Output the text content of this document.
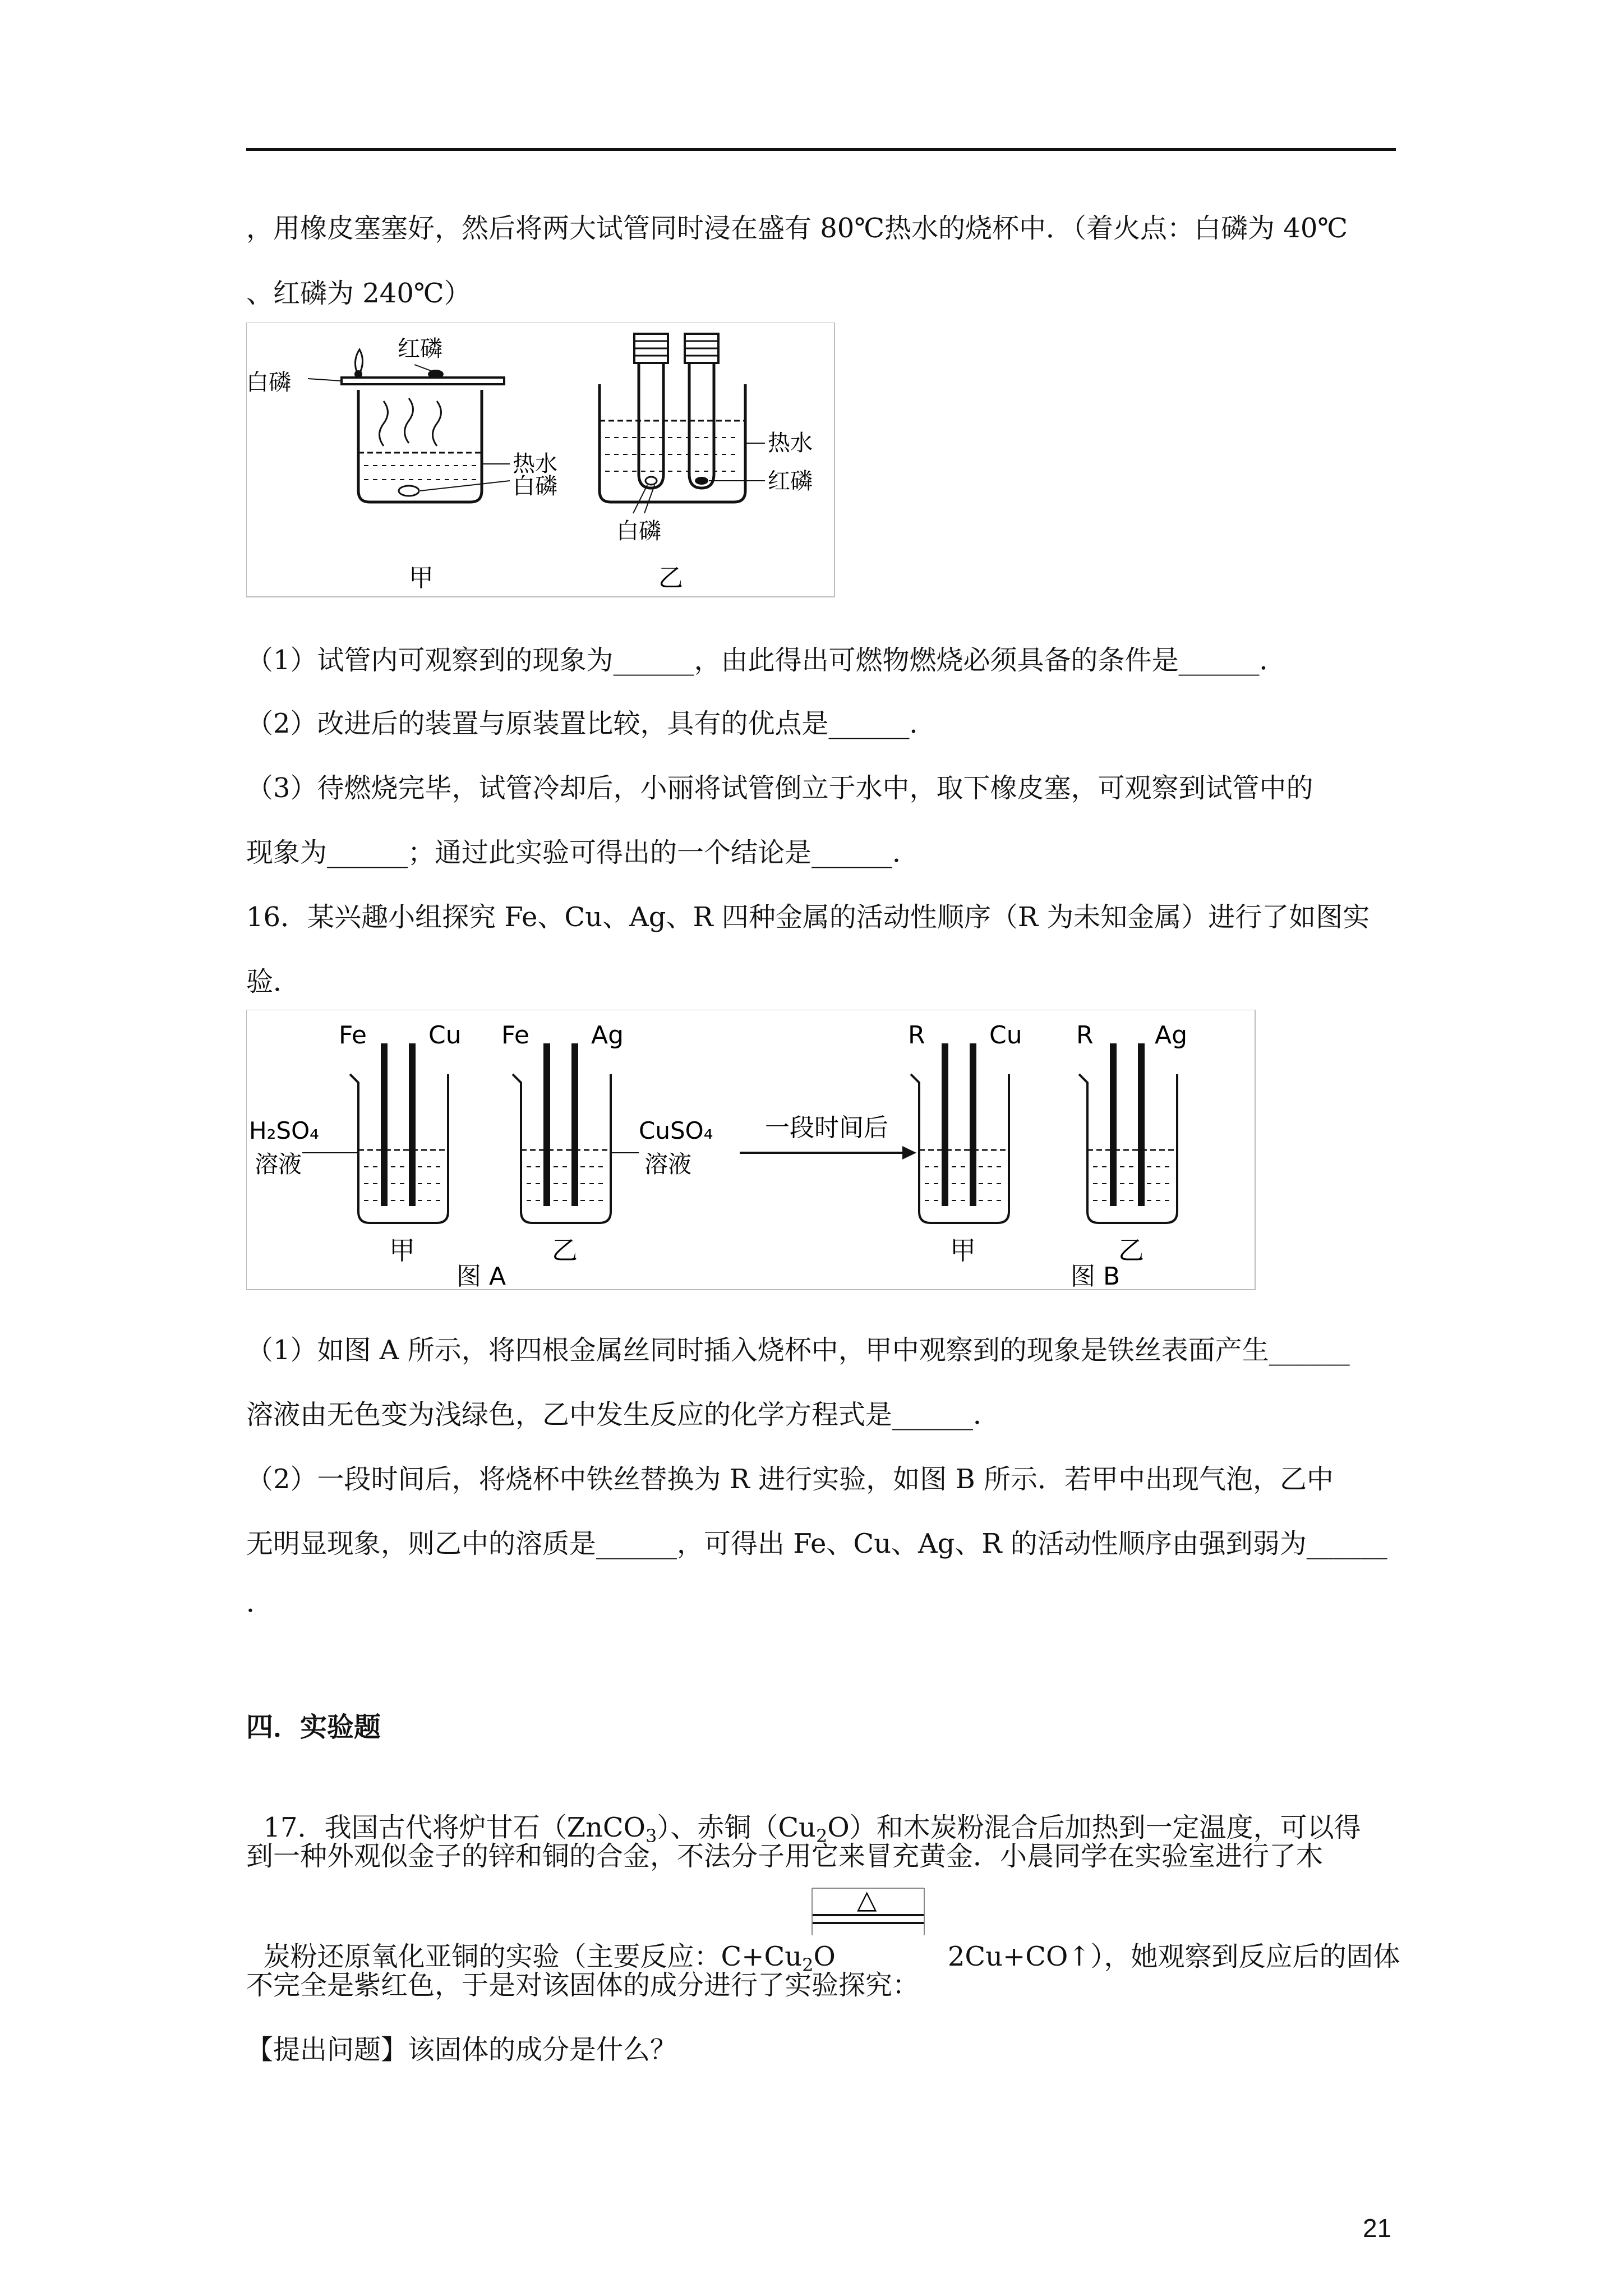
，用橡皮塞塞好，然后将两大试管同时浸在盛有 80℃热水的烧杯中．（着火点：白磷为 40℃
、红磷为 240℃）
白磷
红磷
热水
白磷
甲
热水
红磷
白磷
乙
（1）试管内可观察到的现象为______，由此得出可燃物燃烧必须具备的条件是______．
（2）改进后的装置与原装置比较，具有的优点是______．
（3）待燃烧完毕，试管冷却后，小丽将试管倒立于水中，取下橡皮塞，可观察到试管中的
现象为______；通过此实验可得出的一个结论是______．
16．某兴趣小组探究 Fe、Cu、Ag、R 四种金属的活动性顺序（R 为未知金属）进行了如图实
验．
Fe	Cu Fe	Ag
H₂SO₄
溶液
CuSO₄
溶液
一段时间后
R	Cu R Ag
甲	乙	甲	乙
图 A	图 B
（1）如图 A 所示，将四根金属丝同时插入烧杯中，甲中观察到的现象是铁丝表面产生______
溶液由无色变为浅绿色，乙中发生反应的化学方程式是______．
（2）一段时间后，将烧杯中铁丝替换为 R 进行实验，如图 B 所示．若甲中出现气泡，乙中
无明显现象，则乙中的溶质是______，可得出 Fe、Cu、Ag、R 的活动性顺序由强到弱为______
．
四．实验题

17．我国古代将炉甘石（ZnCO$_3$）、赤铜$(Cu_2O)$和木炭粉混合后加热到一定温度，可以得

到一种外观似金子的锌和铜的合金，不法分子用它来冒充黄金．小晨同学在实验室进行了木

炭粉还原氧化亚铜的实验（主要反应：$C+Cu_2O$	2Cu+CO↑），她观察到反应后的固体

△
不完全是紫红色，于是对该固体的成分进行了实验探究：
【提出问题】该固体的成分是什么？
21
